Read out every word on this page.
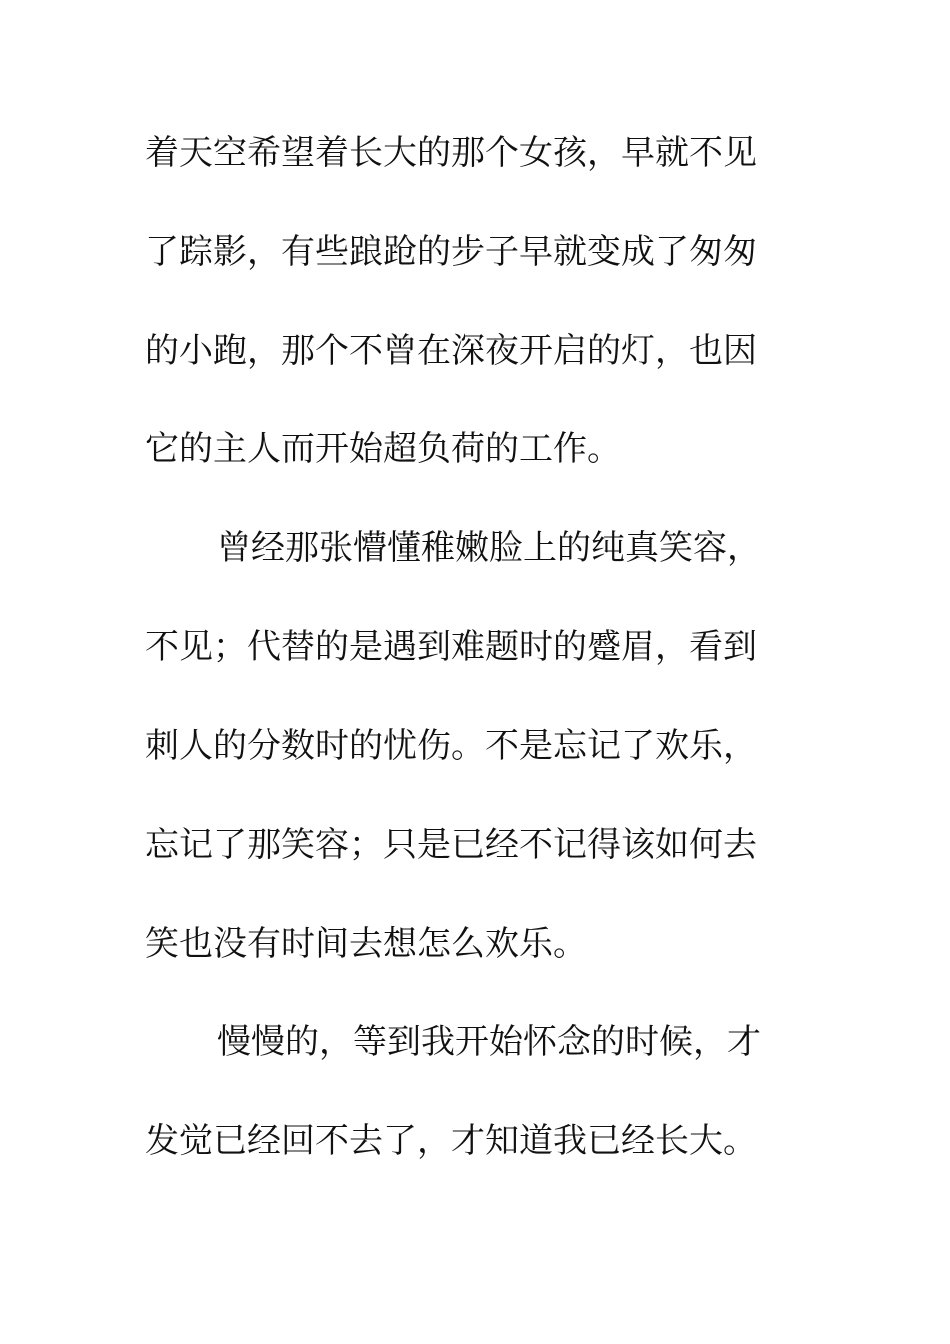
着天空希望着长大的那个女孩，早就不见
了踪影，有些踉跄的步子早就变成了匆匆
的小跑，那个不曾在深夜开启的灯，也因
它的主人而开始超负荷的工作。
曾经那张懵懂稚嫩脸上的纯真笑容，
不见；代替的是遇到难题时的蹙眉，看到
刺人的分数时的忧伤。不是忘记了欢乐，
忘记了那笑容；只是已经不记得该如何去
笑也没有时间去想怎么欢乐。
慢慢的，等到我开始怀念的时候，才
发觉已经回不去了，才知道我已经长大。
